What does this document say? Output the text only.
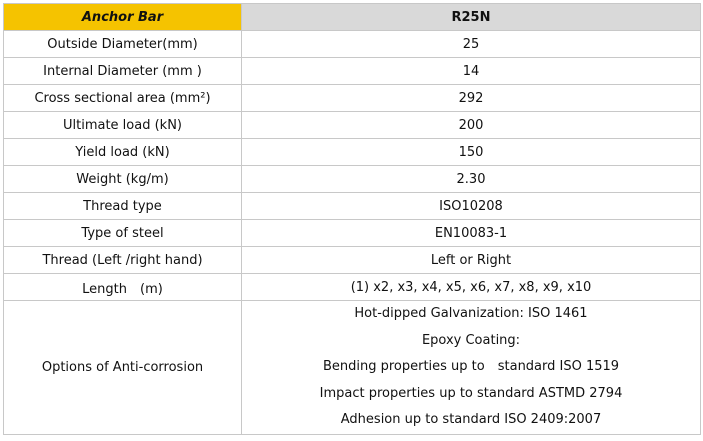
Anchor Bar	R25N
Outside Diameter(mm)	25
Internal Diameter (mm )	14
Cross sectional area (mm²)	292
Ultimate load (kN)	200
Yield load (kN)	150
Weight (kg/m)	2.30
Thread type	ISO10208
Type of steel	EN10083-1
Thread (Left /right hand)	Left or Right
Length　(m)	(1) x2, x3, x4, x5, x6, x7, x8, x9, x10
Options of Anti-corrosion	Hot-dipped Galvanization: ISO 1461
Epoxy Coating:
Bending properties up to　standard ISO 1519
Impact properties up to standard ASTMD 2794
Adhesion up to standard ISO 2409:2007
